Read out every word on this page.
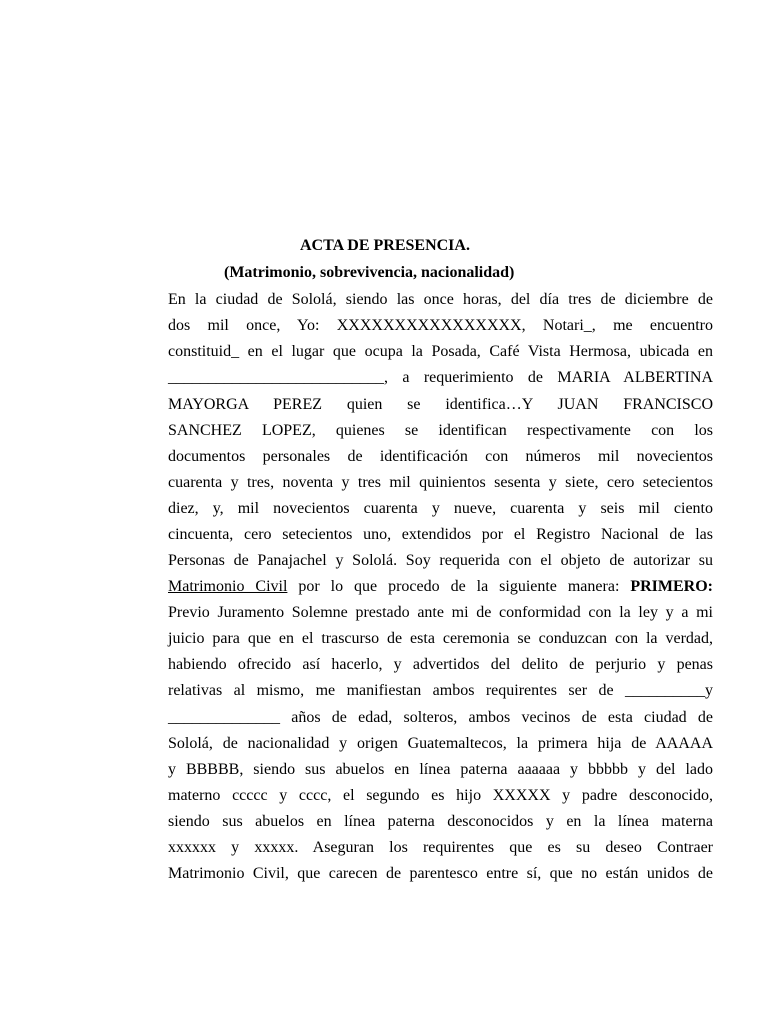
ACTA DE PRESENCIA.
(Matrimonio, sobrevivencia, nacionalidad)
En la ciudad de Sololá, siendo las once horas, del día tres de diciembre de
dos mil once, Yo: XXXXXXXXXXXXXXXX, Notari_, me encuentro
constituid_ en el lugar que ocupa la Posada, Café Vista Hermosa, ubicada en
___________________________, a requerimiento de MARIA ALBERTINA
MAYORGA PEREZ quien se identifica…Y JUAN FRANCISCO
SANCHEZ LOPEZ, quienes se identifican respectivamente con los
documentos personales de identificación con números mil novecientos
cuarenta y tres, noventa y tres mil quinientos sesenta y siete, cero setecientos
diez, y, mil novecientos cuarenta y nueve, cuarenta y seis mil ciento
cincuenta, cero setecientos uno, extendidos por el Registro Nacional de las
Personas de Panajachel y Sololá. Soy requerida con el objeto de autorizar su
Matrimonio Civil por lo que procedo de la siguiente manera: PRIMERO:
Previo Juramento Solemne prestado ante mi de conformidad con la ley y a mi
juicio para que en el trascurso de esta ceremonia se conduzcan con la verdad,
habiendo ofrecido así hacerlo, y advertidos del delito de perjurio y penas
relativas al mismo, me manifiestan ambos requirentes ser de __________y
______________ años de edad, solteros, ambos vecinos de esta ciudad de
Sololá, de nacionalidad y origen Guatemaltecos, la primera hija de AAAAA
y BBBBB, siendo sus abuelos en línea paterna aaaaaa y bbbbb y del lado
materno ccccc y cccc, el segundo es hijo XXXXX y padre desconocido,
siendo sus abuelos en línea paterna desconocidos y en la línea materna
xxxxxx y xxxxx. Aseguran los requirentes que es su deseo Contraer
Matrimonio Civil, que carecen de parentesco entre sí, que no están unidos de
